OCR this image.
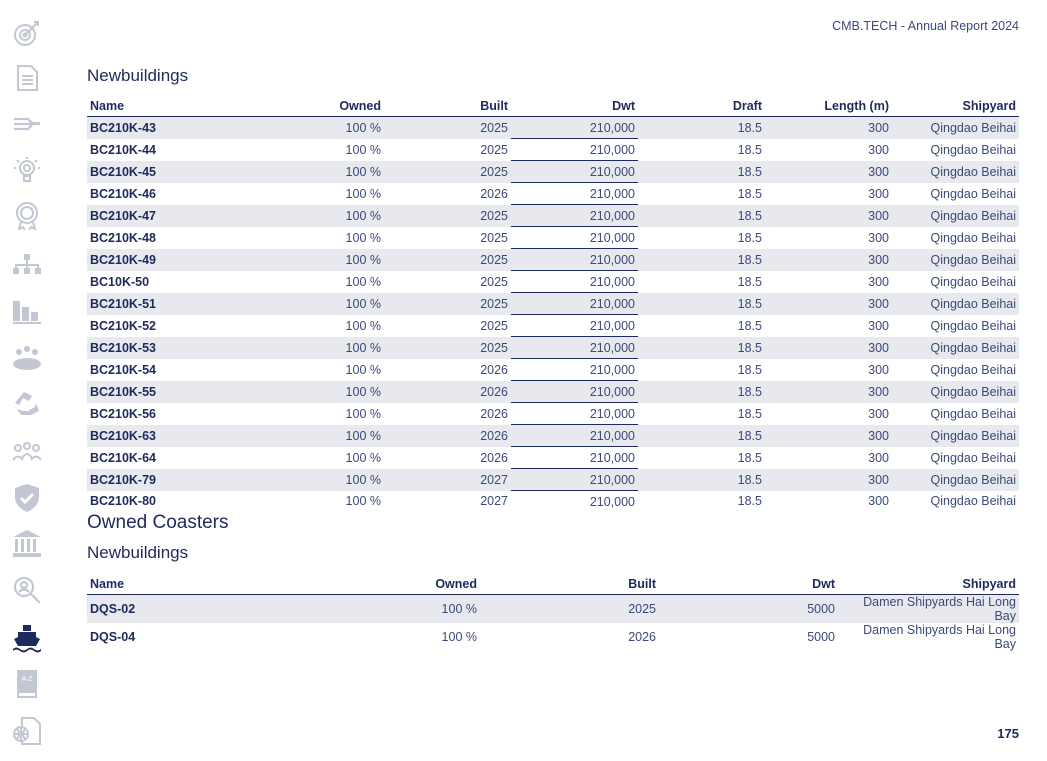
A-Z
CMB.TECH - Annual Report 2024
Newbuildings
Name	Owned	Built	Dwt	Draft	Length (m)	Shipyard
BC210K-43	100 %	2025	210,000	18.5	300	Qingdao Beihai
BC210K-44	100 %	2025	210,000	18.5	300	Qingdao Beihai
BC210K-45	100 %	2025	210,000	18.5	300	Qingdao Beihai
BC210K-46	100 %	2026	210,000	18.5	300	Qingdao Beihai
BC210K-47	100 %	2025	210,000	18.5	300	Qingdao Beihai
BC210K-48	100 %	2025	210,000	18.5	300	Qingdao Beihai
BC210K-49	100 %	2025	210,000	18.5	300	Qingdao Beihai
BC10K-50	100 %	2025	210,000	18.5	300	Qingdao Beihai
BC210K-51	100 %	2025	210,000	18.5	300	Qingdao Beihai
BC210K-52	100 %	2025	210,000	18.5	300	Qingdao Beihai
BC210K-53	100 %	2025	210,000	18.5	300	Qingdao Beihai
BC210K-54	100 %	2026	210,000	18.5	300	Qingdao Beihai
BC210K-55	100 %	2026	210,000	18.5	300	Qingdao Beihai
BC210K-56	100 %	2026	210,000	18.5	300	Qingdao Beihai
BC210K-63	100 %	2026	210,000	18.5	300	Qingdao Beihai
BC210K-64	100 %	2026	210,000	18.5	300	Qingdao Beihai
BC210K-79	100 %	2027	210,000	18.5	300	Qingdao Beihai
BC210K-80	100 %	2027	210,000	18.5	300	Qingdao Beihai
Owned Coasters
Newbuildings
Name	Owned	Built	Dwt	Shipyard
DQS-02	100 %	2025	5000	Damen Shipyards Hai Long Bay
DQS-04	100 %	2026	5000	Damen Shipyards Hai Long Bay
175
